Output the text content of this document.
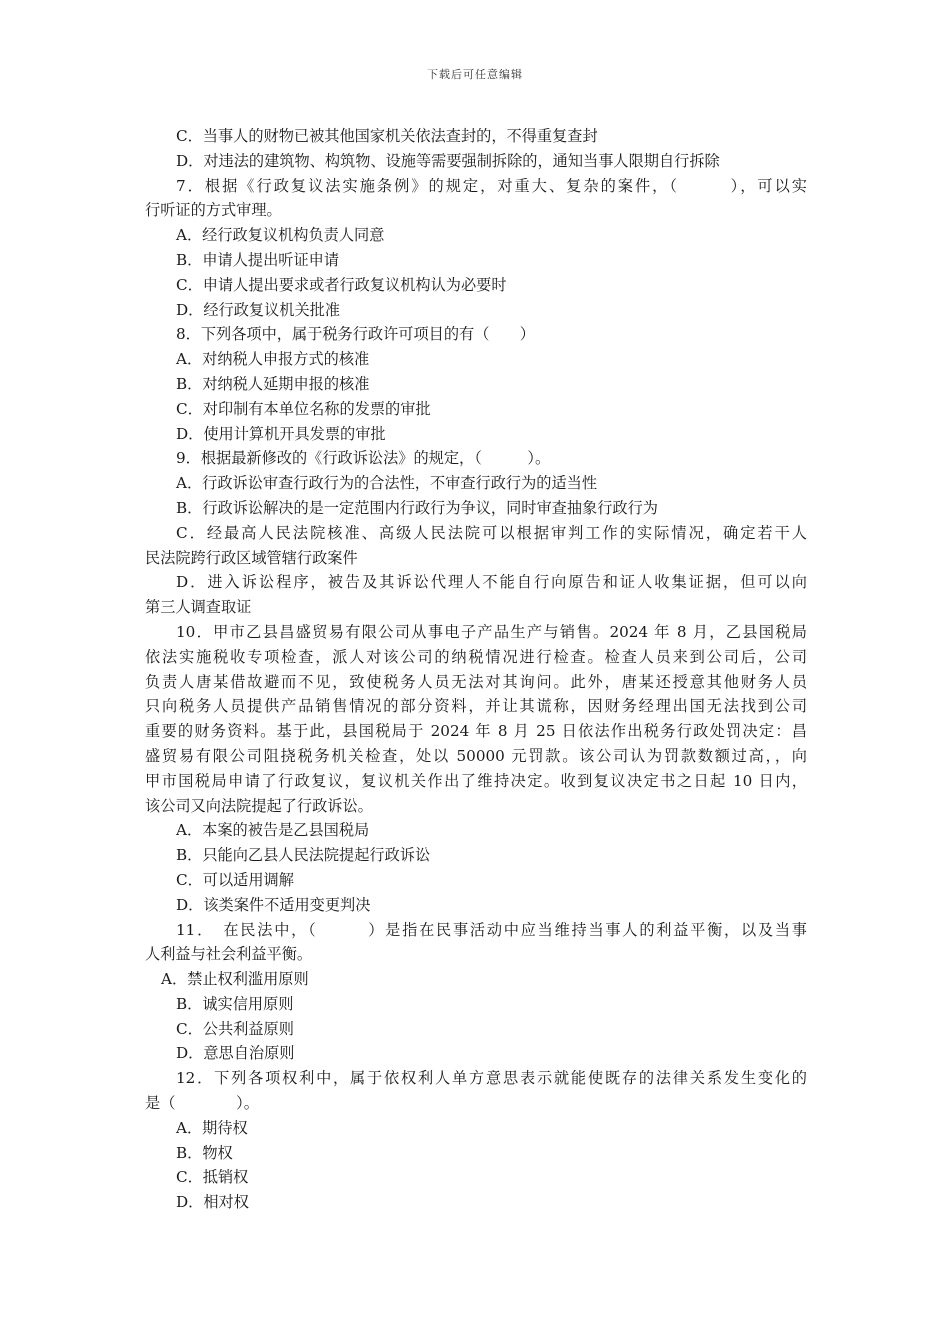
下载后可任意编辑
C．当事人的财物已被其他国家机关依法查封的，不得重复查封
D．对违法的建筑物、构筑物、设施等需要强制拆除的，通知当事人限期自行拆除
7．根据《行政复议法实施条例》的规定，对重大、复杂的案件，（　　　），可以实
行听证的方式审理。
A．经行政复议机构负责人同意
B．申请人提出听证申请
C．申请人提出要求或者行政复议机构认为必要时
D．经行政复议机关批准
8．下列各项中，属于税务行政许可项目的有（　　）
A．对纳税人申报方式的核准
B．对纳税人延期申报的核准
C．对印制有本单位名称的发票的审批
D．使用计算机开具发票的审批
9．根据最新修改的《行政诉讼法》的规定，（　　　）。
A．行政诉讼审查行政行为的合法性，不审查行政行为的适当性
B．行政诉讼解决的是一定范围内行政行为争议，同时审查抽象行政行为
C．经最高人民法院核准、高级人民法院可以根据审判工作的实际情况，确定若干人
民法院跨行政区域管辖行政案件
D．进入诉讼程序，被告及其诉讼代理人不能自行向原告和证人收集证据，但可以向
第三人调查取证
10．甲市乙县昌盛贸易有限公司从事电子产品生产与销售。2024 年 8 月，乙县国税局
依法实施税收专项检查，派人对该公司的纳税情况进行检查。检查人员来到公司后，公司
负责人唐某借故避而不见，致使税务人员无法对其询问。此外，唐某还授意其他财务人员
只向税务人员提供产品销售情况的部分资料，并让其谎称，因财务经理出国无法找到公司
重要的财务资料。基于此，县国税局于 2024 年 8 月 25 日依法作出税务行政处罚决定：昌
盛贸易有限公司阻挠税务机关检查，处以 50000 元罚款。该公司认为罚款数额过高，，向
甲市国税局申请了行政复议，复议机关作出了维持决定。收到复议决定书之日起 10 日内，
该公司又向法院提起了行政诉讼。
A．本案的被告是乙县国税局
B．只能向乙县人民法院提起行政诉讼
C．可以适用调解
D．该类案件不适用变更判决
11．　在民法中，（　　　）是指在民事活动中应当维持当事人的利益平衡，以及当事
人利益与社会利益平衡。
A．禁止权利滥用原则
B．诚实信用原则
C．公共利益原则
D．意思自治原则
12．下列各项权利中，属于依权利人单方意思表示就能使既存的法律关系发生变化的
是（　　　　）。
A．期待权
B．物权
C．抵销权
D．相对权
